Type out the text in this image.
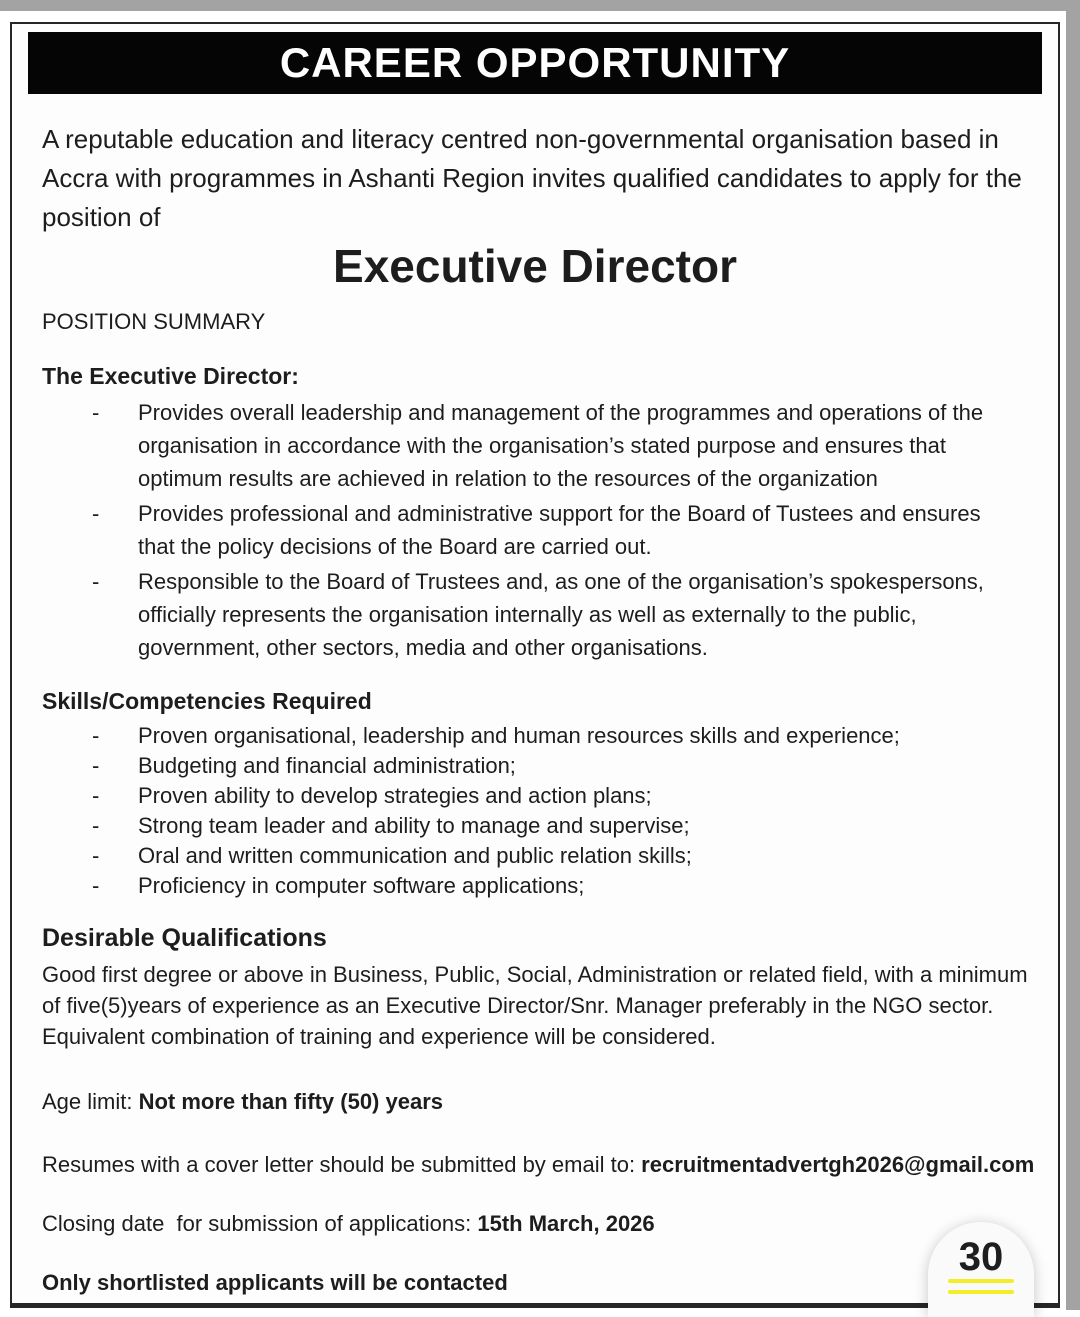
CAREER OPPORTUNITY

A reputable education and literacy centred non-governmental organisation based in Accra with programmes in Ashanti Region invites qualified candidates to apply for the position of

Executive Director
POSITION SUMMARY
The Executive Director:
-	Provides overall leadership and management of the programmes and operations of the organisation in accordance with the organisation’s stated purpose and ensures that optimum results are achieved in relation to the resources of the organization
-	Provides professional and administrative support for the Board of Tustees and ensures that the policy decisions of the Board are carried out.
-	Responsible to the Board of Trustees and, as one of the organisation’s spokespersons, officially represents the organisation internally as well as externally to the public, government, other sectors, media and other organisations.
Skills/Competencies Required
-	Proven organisational, leadership and human resources skills and experience;
-	Budgeting and financial administration;
-	Proven ability to develop strategies and action plans;
-	Strong team leader and ability to manage and supervise;
-	Oral and written communication and public relation skills;
-	Proficiency in computer software applications;
Desirable Qualifications

Good first degree or above in Business, Public, Social, Administration or related field, with a minimum of five(5)years of experience as an Executive Director/Snr. Manager preferably in the NGO sector. Equivalent combination of training and experience will be considered.

Age limit: Not more than fifty (50) years

Resumes with a cover letter should be submitted by email to: recruitmentadvertgh2026@gmail.com

Closing date  for submission of applications: 15th March, 2026

Only shortlisted applicants will be contacted

30
